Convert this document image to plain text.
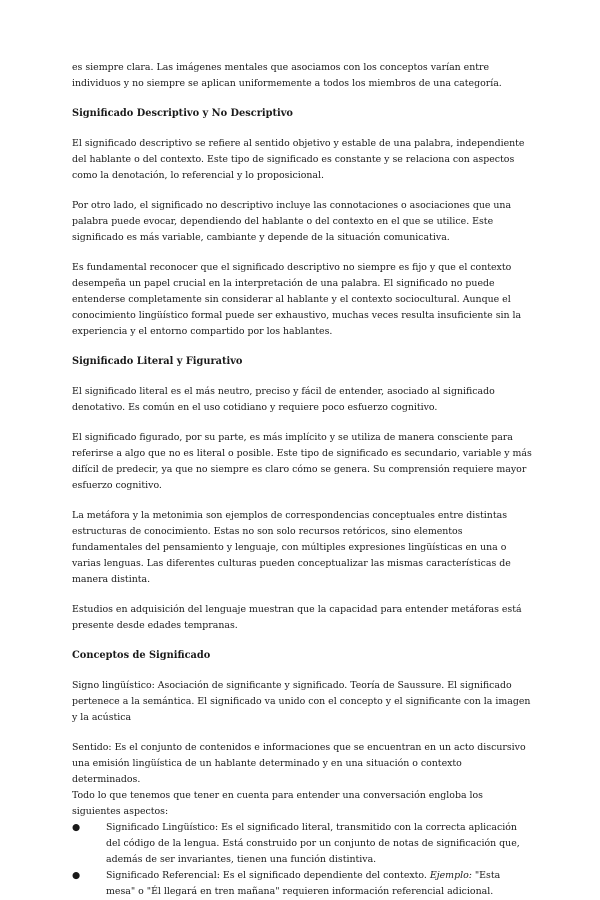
es siempre clara. Las imágenes mentales que asociamos con los conceptos varían entre individuos y no siempre se aplican uniformemente a todos los miembros de una categoría.

Significado Descriptivo y No Descriptivo

El significado descriptivo se refiere al sentido objetivo y estable de una palabra, independiente del hablante o del contexto. Este tipo de significado es constante y se relaciona con aspectos como la denotación, lo referencial y lo proposicional.

Por otro lado, el significado no descriptivo incluye las connotaciones o asociaciones que una palabra puede evocar, dependiendo del hablante o del contexto en el que se utilice. Este significado es más variable, cambiante y depende de la situación comunicativa.

Es fundamental reconocer que el significado descriptivo no siempre es fijo y que el contexto desempeña un papel crucial en la interpretación de una palabra. El significado no puede entenderse completamente sin considerar al hablante y el contexto sociocultural. Aunque el conocimiento lingüístico formal puede ser exhaustivo, muchas veces resulta insuficiente sin la experiencia y el entorno compartido por los hablantes.

Significado Literal y Figurativo

El significado literal es el más neutro, preciso y fácil de entender, asociado al significado denotativo. Es común en el uso cotidiano y requiere poco esfuerzo cognitivo.

El significado figurado, por su parte, es más implícito y se utiliza de manera consciente para referirse a algo que no es literal o posible. Este tipo de significado es secundario, variable y más difícil de predecir, ya que no siempre es claro cómo se genera. Su comprensión requiere mayor esfuerzo cognitivo.

La metáfora y la metonimia son ejemplos de correspondencias conceptuales entre distintas estructuras de conocimiento. Estas no son solo recursos retóricos, sino elementos fundamentales del pensamiento y lenguaje, con múltiples expresiones lingüísticas en una o varias lenguas. Las diferentes culturas pueden conceptualizar las mismas características de manera distinta.

Estudios en adquisición del lenguaje muestran que la capacidad para entender metáforas está presente desde edades tempranas.

Conceptos de Significado

Signo lingüístico: Asociación de significante y significado. Teoría de Saussure. El significado pertenece a la semántica. El significado va unido con el concepto y el significante con la imagen y la acústica

Sentido: Es el conjunto de contenidos e informaciones que se encuentran en un acto discursivo una emisión lingüística de un hablante determinado y en una situación o contexto determinados.

Todo lo que tenemos que tener en cuenta para entender una conversación engloba los siguientes aspectos:

●	Significado Lingüístico: Es el significado literal, transmitido con la correcta aplicación del código de la lengua. Está construido por un conjunto de notas de significación que, además de ser invariantes, tienen una función distintiva.

●	Significado Referencial: Es el significado dependiente del contexto. Ejemplo: "Esta mesa" o "Él llegará en tren mañana" requieren información referencial adicional.
